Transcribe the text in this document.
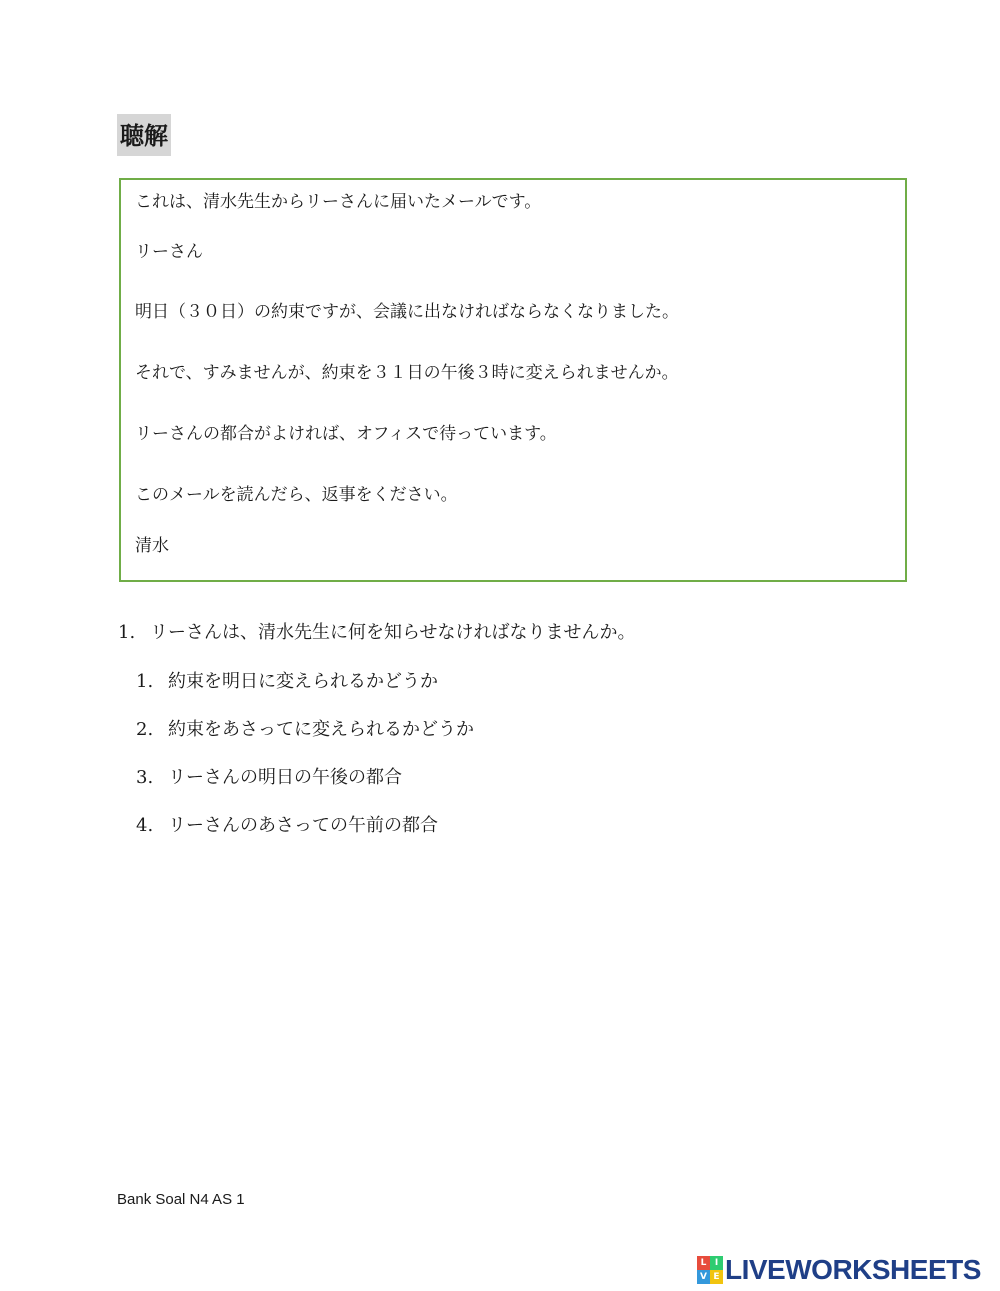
聴解
これは、清水先生からリーさんに届いたメールです。
リーさん
明日（３０日）の約束ですが、会議に出なければならなくなりました。
それで、すみませんが、約束を３１日の午後３時に変えられませんか。
リーさんの都合がよければ、オフィスで待っています。
このメールを読んだら、返事をください。
清水
1. リーさんは、清水先生に何を知らせなければなりませんか。
1. 約束を明日に変えられるかどうか
2. 約束をあさってに変えられるかどうか
3. リーさんの明日の午後の都合
4. リーさんのあさっての午前の都合
Bank Soal N4 AS 1
L I
V E LIVEWORKSHEETS
